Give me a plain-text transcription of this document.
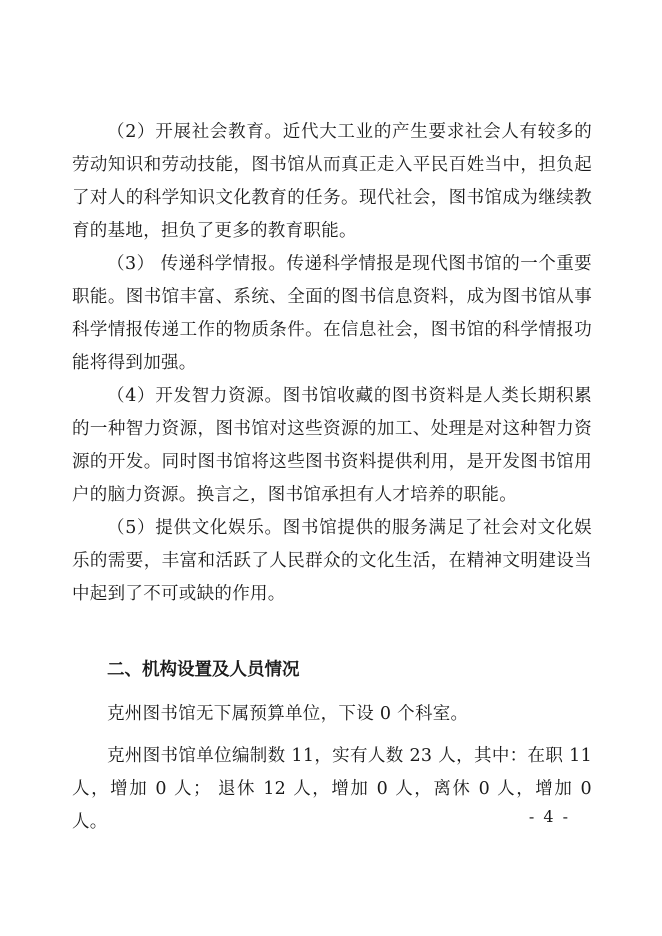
（2）开展社会教育。近代大工业的产生要求社会人有较多的劳动知识和劳动技能，图书馆从而真正走入平民百姓当中，担负起了对人的科学知识文化教育的任务。现代社会，图书馆成为继续教育的基地，担负了更多的教育职能。

（3） 传递科学情报。传递科学情报是现代图书馆的一个重要职能。图书馆丰富、系统、全面的图书信息资料，成为图书馆从事科学情报传递工作的物质条件。在信息社会，图书馆的科学情报功能将得到加强。

（4）开发智力资源。图书馆收藏的图书资料是人类长期积累的一种智力资源，图书馆对这些资源的加工、处理是对这种智力资源的开发。同时图书馆将这些图书资料提供利用，是开发图书馆用户的脑力资源。换言之，图书馆承担有人才培养的职能。

（5）提供文化娱乐。图书馆提供的服务满足了社会对文化娱乐的需要，丰富和活跃了人民群众的文化生活，在精神文明建设当中起到了不可或缺的作用。

二、机构设置及人员情况

克州图书馆无下属预算单位，下设 0 个科室。

克州图书馆单位编制数 11，实有人数 23 人，其中：在职 11 人，增加 0 人； 退休 12 人，增加 0 人，离休 0 人，增加 0 人。	- 4 -
